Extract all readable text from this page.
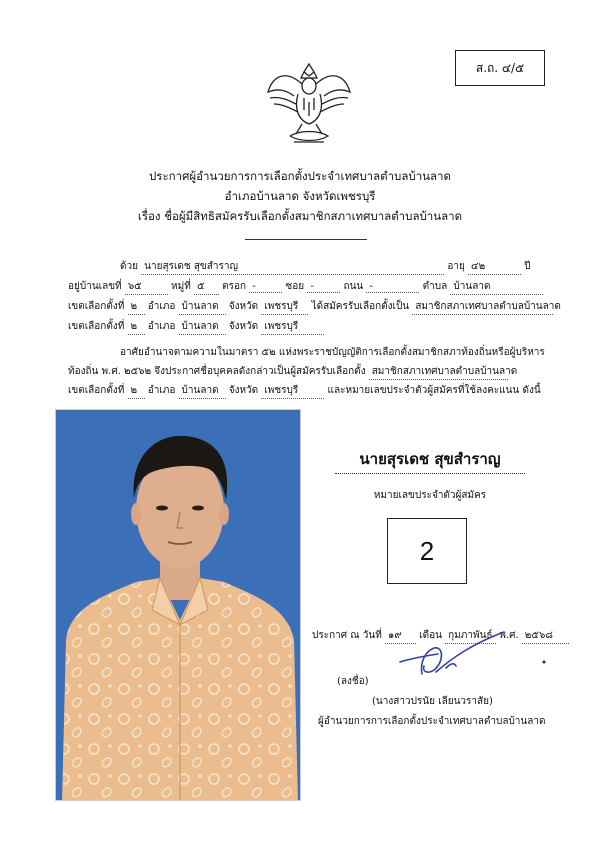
ส.ถ. ๔/๕
ประกาศผู้อำนวยการการเลือกตั้งประจำเทศบาลตำบลบ้านลาด
อำเภอบ้านลาด จังหวัดเพชรบุรี
เรื่อง ชื่อผู้มีสิทธิสมัครรับเลือกตั้งสมาชิกสภาเทศบาลตำบลบ้านลาด
ด้วย นายสุรเดช สุขสำราญ	อายุ ๔๒	ปี
อยู่บ้านเลขที่ ๖๕	หมู่ที่ ๕ ตรอก -	ซอย -	ถนน -	ตำบล บ้านลาด
เขตเลือกตั้งที่ ๒ อำเภอ บ้านลาด จังหวัด เพชรบุรี ได้สมัครรับเลือกตั้งเป็น สมาชิกสภาเทศบาลตำบลบ้านลาด
เขตเลือกตั้งที่ ๒ อำเภอ บ้านลาด จังหวัด เพชรบุรี
อาศัยอำนาจตามความในมาตรา ๕๒ แห่งพระราชบัญญัติการเลือกตั้งสมาชิกสภาท้องถิ่นหรือผู้บริหาร
ท้องถิ่น พ.ศ. ๒๕๖๒ จึงประกาศชื่อบุคคลดังกล่าวเป็นผู้สมัครรับเลือกตั้ง สมาชิกสภาเทศบาลตำบลบ้านลาด
เขตเลือกตั้งที่ ๒ อำเภอ บ้านลาด จังหวัด เพชรบุรี	และหมายเลขประจำตัวผู้สมัครที่ใช้ลงคะแนน ดังนี้
นายสุรเดช สุขสำราญ
หมายเลขประจำตัวผู้สมัคร
2
ประกาศ ณ วันที่ ๑๙ เดือน กุมภาพันธ์ พ.ศ. ๒๕๖๘
(ลงชื่อ)
(นางสาวปรนัย เลียนวราสัย)
ผู้อำนวยการการเลือกตั้งประจำเทศบาลตำบลบ้านลาด
